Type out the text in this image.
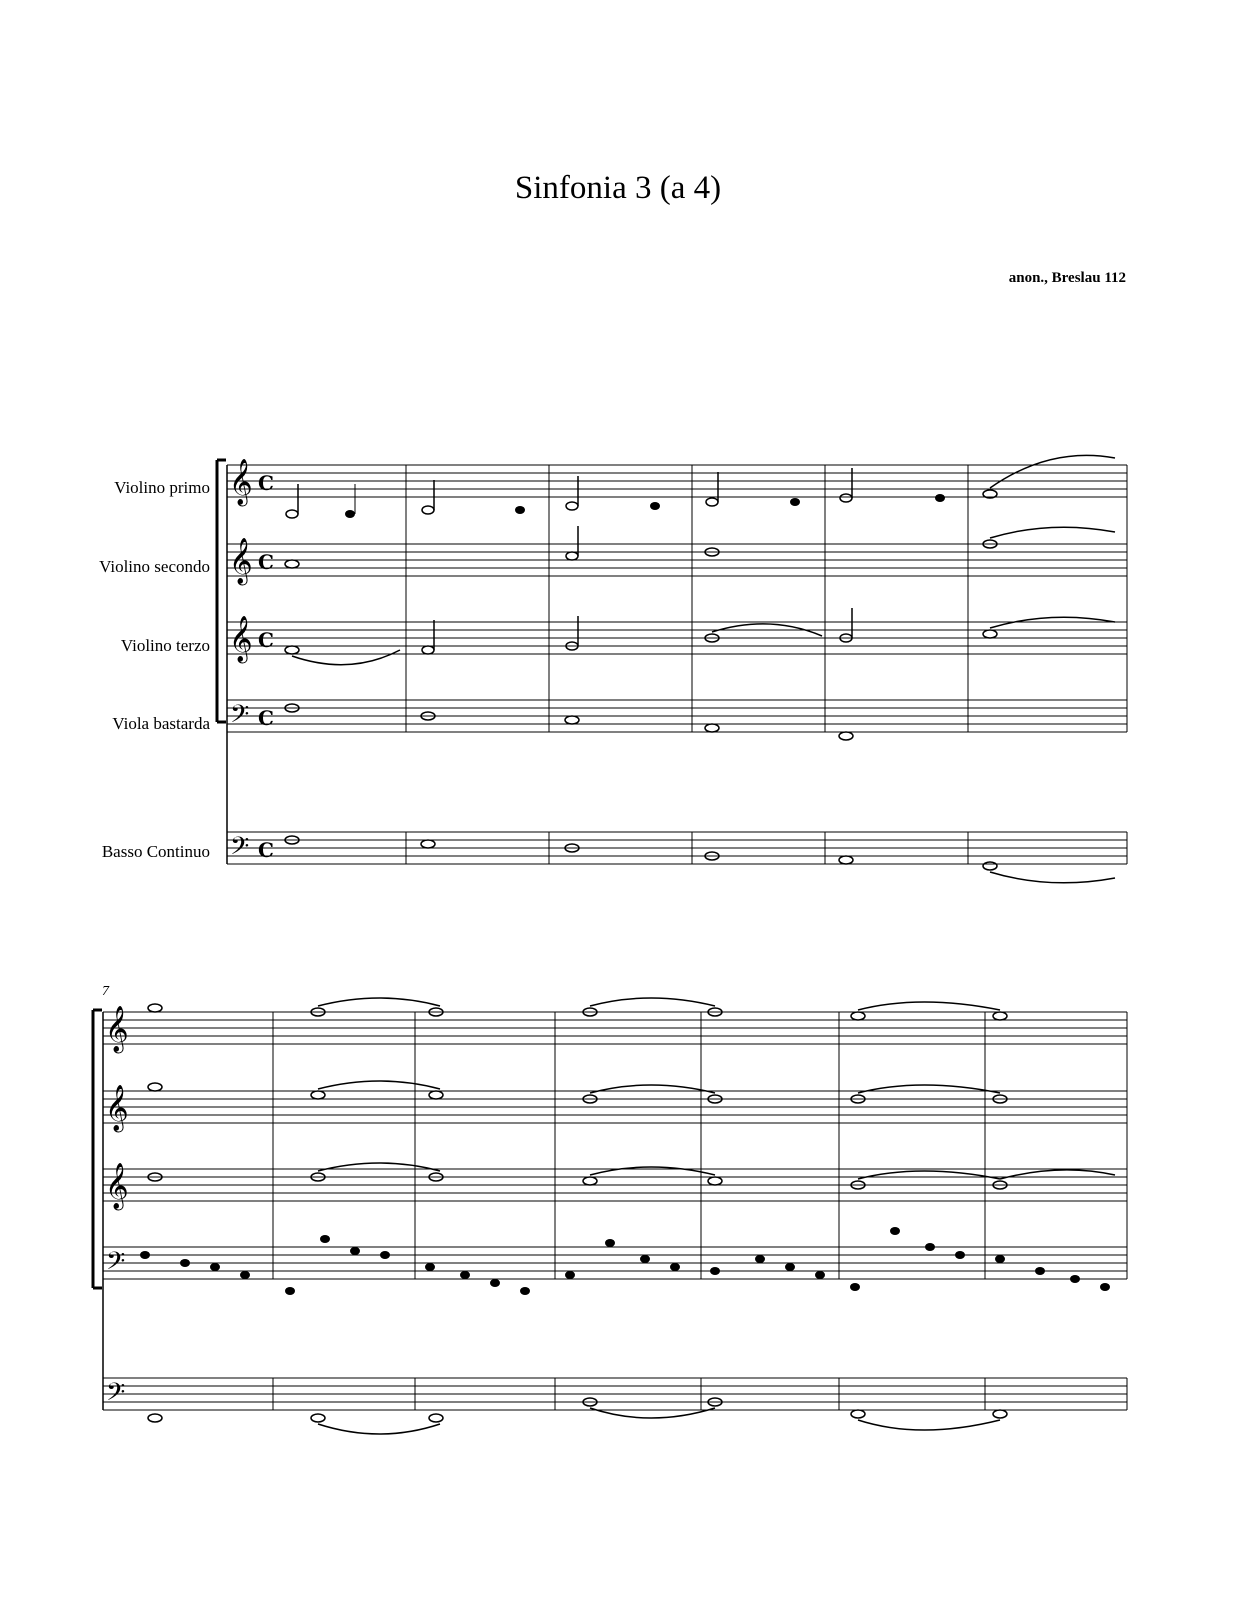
Sinfonia 3 (a 4)
anon., Breslau 112
Violino primo
Violino secondo
Violino terzo
Viola bastarda
Basso Continuo
𝄞
𝄞
𝄞
𝄢
𝄢
C
C
C
C
C
7
𝄞
𝄞
𝄞
𝄢
𝄢
